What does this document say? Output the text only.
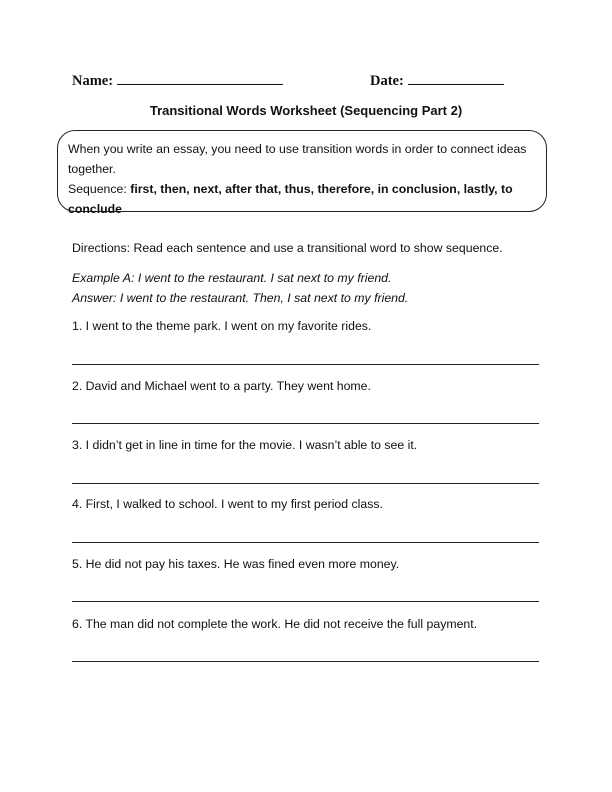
Name:	Date:
Transitional Words Worksheet (Sequencing Part 2)

When you write an essay, you need to use transition words in order to connect ideas together.

Sequence: first, then, next, after that, thus, therefore, in conclusion, lastly, to conclude

Directions: Read each sentence and use a transitional word to show sequence.
Example A: I went to the restaurant. I sat next to my friend.
Answer: I went to the restaurant. Then, I sat next to my friend.
1. I went to the theme park. I went on my favorite rides.
2. David and Michael went to a party. They went home.
3. I didn’t get in line in time for the movie. I wasn’t able to see it.
4. First, I walked to school. I went to my first period class.
5. He did not pay his taxes. He was fined even more money.
6. The man did not complete the work. He did not receive the full payment.
